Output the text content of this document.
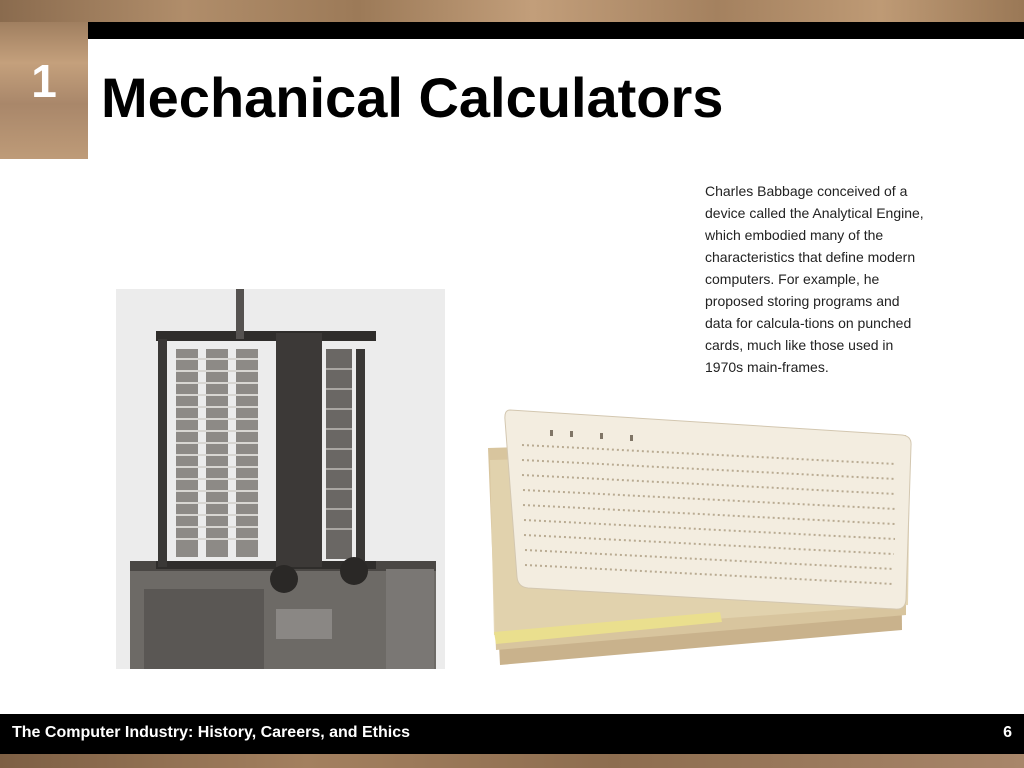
1 Mechanical Calculators

Charles Babbage conceived of a device called the Analytical Engine, which embodied many of the characteristics that define modern computers. For example, he proposed storing programs and data for calcula-tions on punched cards, much like those used in 1970s main-frames.

The Computer Industry: History, Careers, and Ethics	6
